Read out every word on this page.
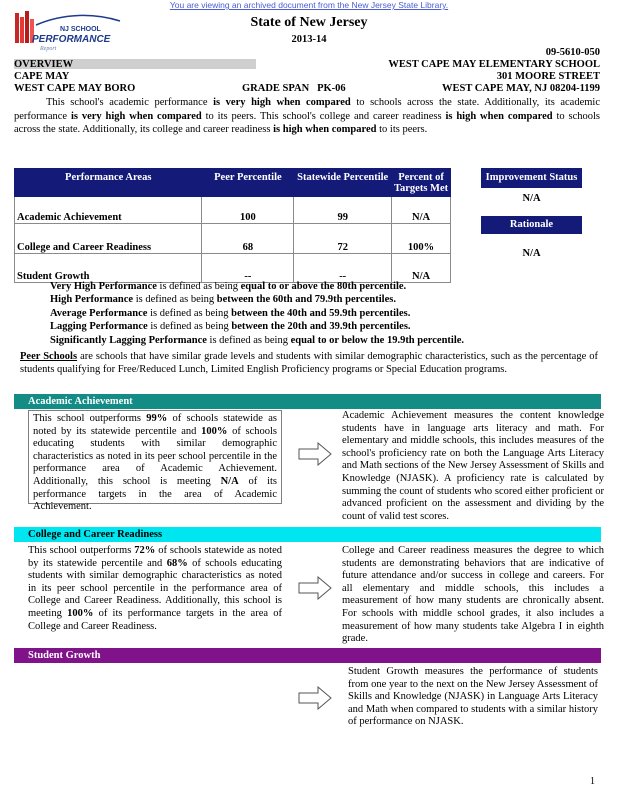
You are viewing an archived document from the New Jersey State Library.
NJ SCHOOL
PERFORMANCE
Report
State of New Jersey
2013-14
09-5610-050
OVERVIEW	WEST CAPE MAY ELEMENTARY SCHOOL
CAPE MAY	301 MOORE STREET
WEST CAPE MAY BORO	GRADE SPAN PK-06	WEST CAPE MAY, NJ 08204-1199

This school's academic performance is very high when compared to schools across the state. Additionally, its academic performance is very high when compared to its peers. This school's college and career readiness is high when compared to schools across the state. Additionally, its college and career readiness is high when compared to its peers.

Performance Areas	Peer Percentile	Statewide Percentile	Percent of Targets Met
Academic Achievement	100	99	N/A
College and Career Readiness	68	72	100%
Student Growth	--	--	N/A
Improvement Status
N/A
Rationale
N/A
Very High Performance is defined as being equal to or above the 80th percentile.
High Performance is defined as being between the 60th and 79.9th percentiles.
Average Performance is defined as being between the 40th and 59.9th percentiles.
Lagging Performance is defined as being between the 20th and 39.9th percentiles.
Significantly Lagging Performance is defined as being equal to or below the 19.9th percentile.
Peer Schools are schools that have similar grade levels and students with similar demographic characteristics, such as the percentage of students qualifying for Free/Reduced Lunch, Limited English Proficiency programs or Special Education programs.
Academic Achievement
This school outperforms 99% of schools statewide as noted by its statewide percentile and 100% of schools educating students with similar demographic characteristics as noted in its peer school percentile in the performance area of Academic Achievement. Additionally, this school is meeting N/A of its performance targets in the area of Academic Achievement.
Academic Achievement measures the content knowledge students have in language arts literacy and math. For elementary and middle schools, this includes measures of the school's proficiency rate on both the Language Arts Literacy and Math sections of the New Jersey Assessment of Skills and Knowledge (NJASK). A proficiency rate is calculated by summing the count of students who scored either proficient or advanced proficient on the assessment and dividing by the count of valid test scores.
College and Career Readiness
This school outperforms 72% of schools statewide as noted by its statewide percentile and 68% of schools educating students with similar demographic characteristics as noted in its peer school percentile in the performance area of College and Career Readiness. Additionally, this school is meeting 100% of its performance targets in the area of College and Career Readiness.
College and Career readiness measures the degree to which students are demonstrating behaviors that are indicative of future attendance and/or success in college and careers. For all elementary and middle schools, this includes a measurement of how many students are chronically absent. For schools with middle school grades, it also includes a measurement of how many students take Algebra I in eighth grade.
Student Growth
Student Growth measures the performance of students from one year to the next on the New Jersey Assessment of Skills and Knowledge (NJASK) in Language Arts Literacy and Math when compared to students with a similar history of performance on NJASK.
1
